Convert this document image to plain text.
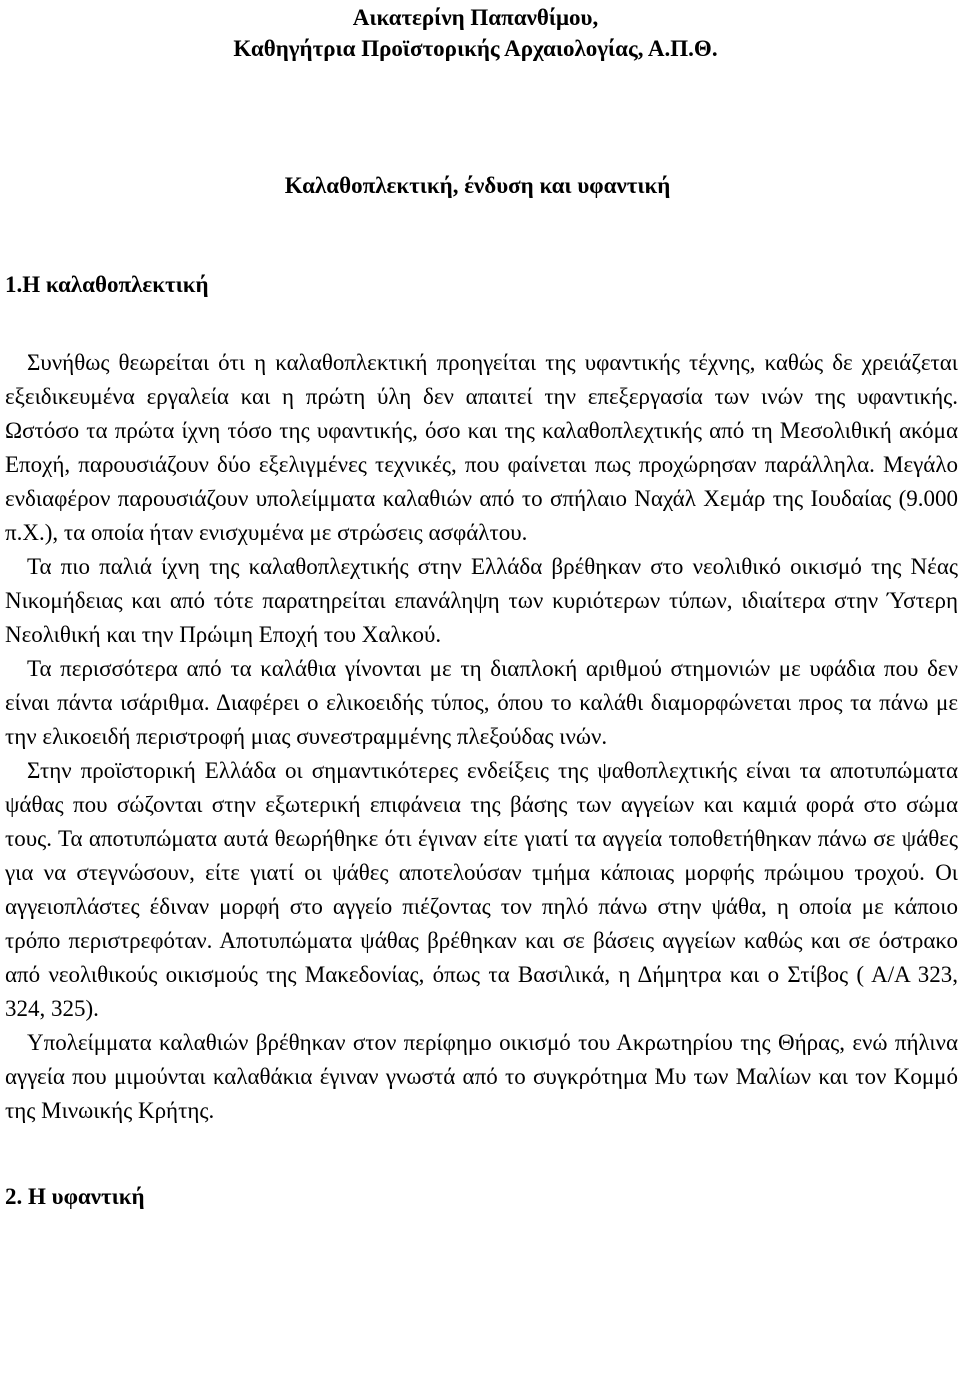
Αικατερίνη Παπανθίμου,
Καθηγήτρια Προϊστορικής Αρχαιολογίας, Α.Π.Θ.
Καλαθοπλεκτική, ένδυση και υφαντική
1.Η καλαθοπλεκτική

Συνήθως θεωρείται ότι η καλαθοπλεκτική προηγείται της υφαντικής τέχνης, καθώς δε χρειάζεται εξειδικευμένα εργαλεία και η πρώτη ύλη δεν απαιτεί την επεξεργασία των ινών της υφαντικής. Ωστόσο τα πρώτα ίχνη τόσο της υφαντικής, όσο και της καλαθοπλεχτικής από τη Μεσολιθική ακόμα Εποχή, παρουσιάζουν δύο εξελιγμένες τεχνικές, που φαίνεται πως προχώρησαν παράλληλα. Μεγάλο ενδιαφέρον παρουσιάζουν υπολείμματα καλαθιών από το σπήλαιο Ναχάλ Χεμάρ της Ιουδαίας (9.000 π.Χ.), τα οποία ήταν ενισχυμένα με στρώσεις ασφάλτου.

Τα πιο παλιά ίχνη της καλαθοπλεχτικής στην Ελλάδα βρέθηκαν στο νεολιθικό οικισμό της Νέας Νικομήδειας και από τότε παρατηρείται επανάληψη των κυριότερων τύπων, ιδιαίτερα στην Ύστερη Νεολιθική και την Πρώιμη Εποχή του Χαλκού.

Τα περισσότερα από τα καλάθια γίνονται με τη διαπλοκή αριθμού στημονιών με υφάδια που δεν είναι πάντα ισάριθμα. Διαφέρει ο ελικοειδής τύπος, όπου το καλάθι διαμορφώνεται προς τα πάνω με την ελικοειδή περιστροφή μιας συνεστραμμένης πλεξούδας ινών.

Στην προϊστορική Ελλάδα οι σημαντικότερες ενδείξεις της ψαθοπλεχτικής είναι τα αποτυπώματα ψάθας που σώζονται στην εξωτερική επιφάνεια της βάσης των αγγείων και καμιά φορά στο σώμα τους. Τα αποτυπώματα αυτά θεωρήθηκε ότι έγιναν είτε γιατί τα αγγεία τοποθετήθηκαν πάνω σε ψάθες για να στεγνώσουν, είτε γιατί οι ψάθες αποτελούσαν τμήμα κάποιας μορφής πρώιμου τροχού. Οι αγγειοπλάστες έδιναν μορφή στο αγγείο πιέζοντας τον πηλό πάνω στην ψάθα, η οποία με κάποιο τρόπο περιστρεφόταν. Αποτυπώματα ψάθας βρέθηκαν και σε βάσεις αγγείων καθώς και σε όστρακο από νεολιθικούς οικισμούς της Μακεδονίας, όπως τα Βασιλικά, η Δήμητρα και ο Στίβος ( Α/Α 323, 324, 325).

Υπολείμματα καλαθιών βρέθηκαν στον περίφημο οικισμό του Ακρωτηρίου της Θήρας, ενώ πήλινα αγγεία που μιμούνται καλαθάκια έγιναν γνωστά από το συγκρότημα Μυ των Μαλίων και τον Κομμό της Μινωικής Κρήτης.

2. Η υφαντική
